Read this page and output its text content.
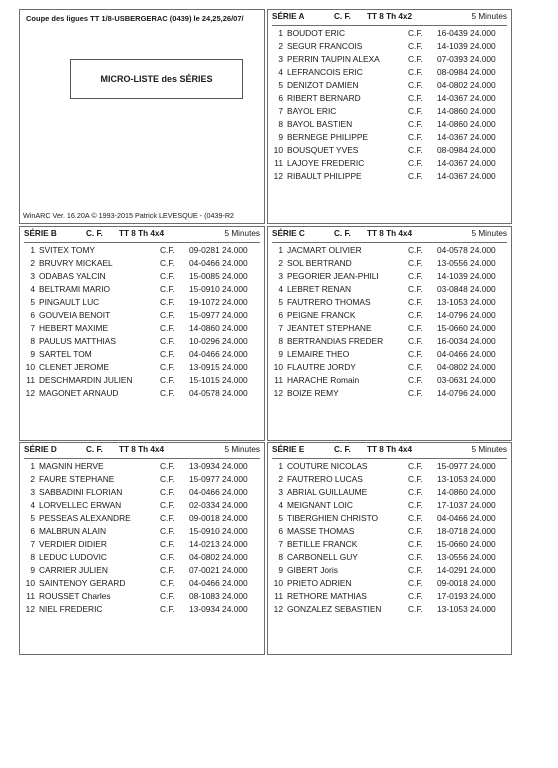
Coupe des ligues TT 1/8-USBERGERAC (0439) le 24,25,26/07/
MICRO-LISTE des SÉRIES
WinARC Ver. 16.20A © 1993-2015 Patrick LEVESQUE - (0439-R2
SÉRIE A	C. F. TT 8 Th 4x2	5 Minutes
1 BOUDOT ERIC	C.F. 16-0439 24.000
2 SEGUR FRANCOIS	C.F. 14-1039 24.000
3 PERRIN TAUPIN ALEXA	C.F. 07-0393 24.000
4 LEFRANCOIS ERIC	C.F. 08-0984 24.000
5 DENIZOT DAMIEN	C.F. 04-0802 24.000
6 RIBERT BERNARD	C.F. 14-0367 24.000
7 BAYOL ERIC	C.F. 14-0860 24.000
8 BAYOL BASTIEN	C.F. 14-0860 24.000
9 BERNEGE PHILIPPE	C.F. 14-0367 24.000
10 BOUSQUET YVES	C.F. 08-0984 24.000
11 LAJOYE FREDERIC	C.F. 14-0367 24.000
12 RIBAULT PHILIPPE	C.F. 14-0367 24.000
SÉRIE B	C. F. TT 8 Th 4x4	5 Minutes
1 SVITEX TOMY	C.F. 09-0281 24.000
2 BRUVRY MICKAEL	C.F. 04-0466 24.000
3 ODABAS YALCIN	C.F. 15-0085 24.000
4 BELTRAMI MARIO	C.F. 15-0910 24.000
5 PINGAULT LUC	C.F. 19-1072 24.000
6 GOUVEIA BENOIT	C.F. 15-0977 24.000
7 HEBERT MAXIME	C.F. 14-0860 24.000
8 PAULUS MATTHIAS	C.F. 10-0296 24.000
9 SARTEL TOM	C.F. 04-0466 24.000
10 CLENET JEROME	C.F. 13-0915 24.000
11 DESCHMARDIN JULIEN	C.F. 15-1015 24.000
12 MAGONET ARNAUD	C.F. 04-0578 24.000
SÉRIE C	C. F. TT 8 Th 4x4	5 Minutes
1 JACMART OLIVIER	C.F. 04-0578 24.000
2 SOL BERTRAND	C.F. 13-0556 24.000
3 PEGORIER JEAN-PHILI	C.F. 14-1039 24.000
4 LEBRET RENAN	C.F. 03-0848 24.000
5 FAUTRERO THOMAS	C.F. 13-1053 24.000
6 PEIGNE FRANCK	C.F. 14-0796 24.000
7 JEANTET STEPHANE	C.F. 15-0660 24.000
8 BERTRANDIAS FREDER	C.F. 16-0034 24.000
9 LEMAIRE THEO	C.F. 04-0466 24.000
10 FLAUTRE JORDY	C.F. 04-0802 24.000
11 HARACHE Romain	C.F. 03-0631 24.000
12 BOIZE REMY	C.F. 14-0796 24.000
SÉRIE D	C. F. TT 8 Th 4x4	5 Minutes
1 MAGNIN HERVE	C.F. 13-0934 24.000
2 FAURE STEPHANE	C.F. 15-0977 24.000
3 SABBADINI FLORIAN	C.F. 04-0466 24.000
4 LORVELLEC ERWAN	C.F. 02-0334 24.000
5 PESSEAS ALEXANDRE	C.F. 09-0018 24.000
6 MALBRUN ALAIN	C.F. 15-0910 24.000
7 VERDIER DIDIER	C.F. 14-0213 24.000
8 LEDUC LUDOVIC	C.F. 04-0802 24.000
9 CARRIER JULIEN	C.F. 07-0021 24.000
10 SAINTENOY GERARD	C.F. 04-0466 24.000
11 ROUSSET Charles	C.F. 08-1083 24.000
12 NIEL FREDERIC	C.F. 13-0934 24.000
SÉRIE E	C. F. TT 8 Th 4x4	5 Minutes
1 COUTURE NICOLAS	C.F. 15-0977 24.000
2 FAUTRERO LUCAS	C.F. 13-1053 24.000
3 ABRIAL GUILLAUME	C.F. 14-0860 24.000
4 MEIGNANT LOIC	C.F. 17-1037 24.000
5 TIBERGHIEN CHRISTO	C.F. 04-0466 24.000
6 MASSE THOMAS	C.F. 18-0718 24.000
7 BETILLE FRANCK	C.F. 15-0660 24.000
8 CARBONELL GUY	C.F. 13-0556 24.000
9 GIBERT Joris	C.F. 14-0291 24.000
10 PRIETO ADRIEN	C.F. 09-0018 24.000
11 RETHORE MATHIAS	C.F. 17-0193 24.000
12 GONZALEZ SEBASTIEN	C.F. 13-1053 24.000
